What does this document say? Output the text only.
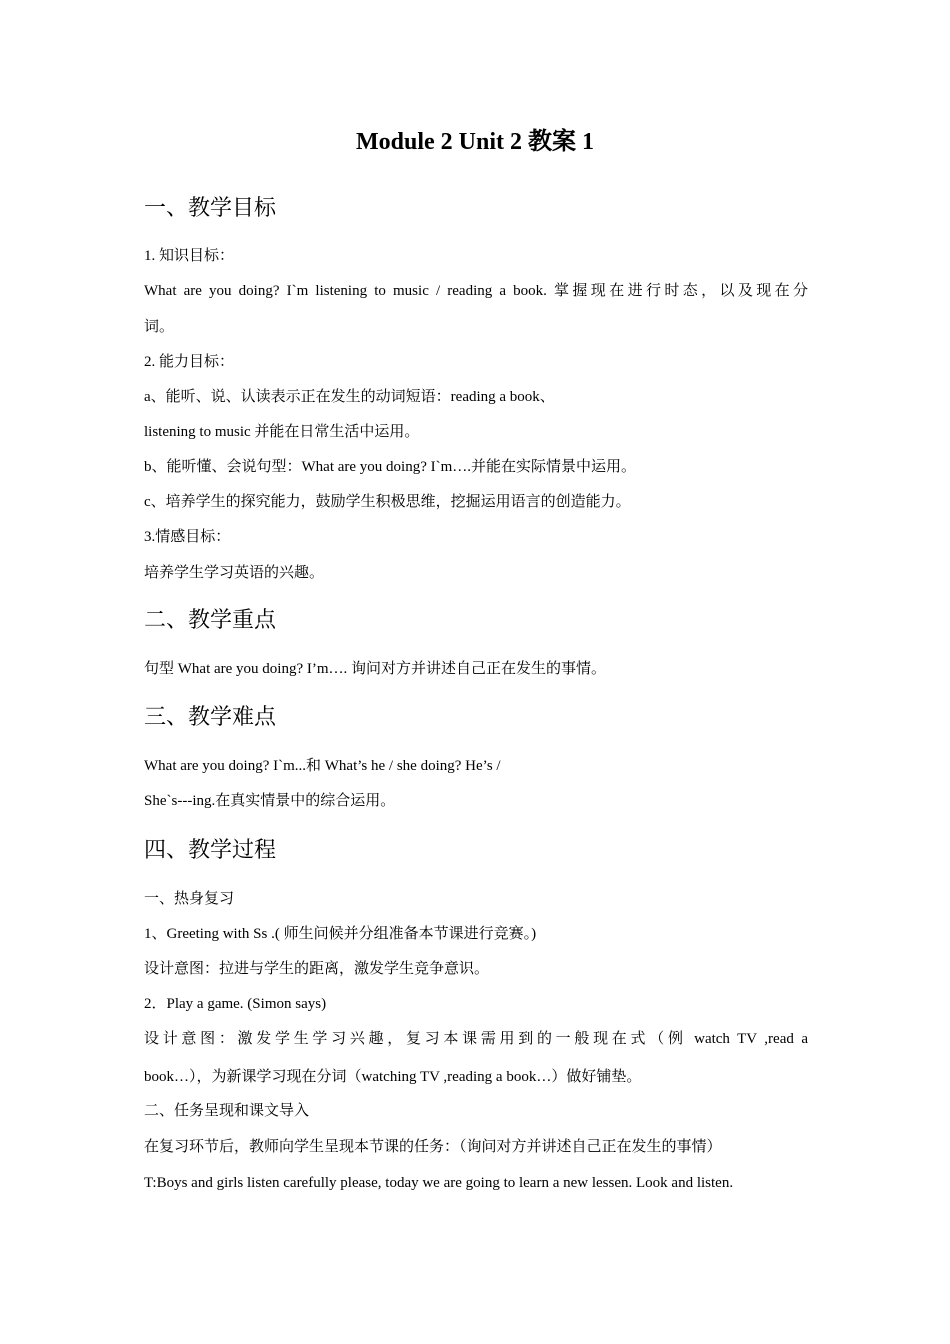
Module 2 Unit 2 教案 1
一、教学目标

1. 知识目标：

What are you doing? I`m listening to music / reading a book. 掌握现在进行时态，以及现在分

词。

2. 能力目标：

a、能听、说、认读表示正在发生的动词短语：reading a book、

listening to music 并能在日常生活中运用。

b、能听懂、会说句型：What are you doing? I`m….并能在实际情景中运用。

c、培养学生的探究能力，鼓励学生积极思维，挖掘运用语言的创造能力。

3.情感目标：

培养学生学习英语的兴趣。

二、教学重点

句型 What are you doing? I’m…. 询问对方并讲述自己正在发生的事情。

三、教学难点

What are you doing? I`m...和 What’s he / she doing? He’s /

She`s---ing.在真实情景中的综合运用。

四、教学过程

一、热身复习

1、Greeting with Ss .( 师生问候并分组准备本节课进行竞赛。)

设计意图：拉进与学生的距离，激发学生竞争意识。

2．Play a game. (Simon says)

设计意图：激发学生学习兴趣，复习本课需用到的一般现在式（例 watch TV ,read a

book…），为新课学习现在分词（watching TV ,reading a book…）做好铺垫。

二、任务呈现和课文导入

在复习环节后，教师向学生呈现本节课的任务：（询问对方并讲述自己正在发生的事情）

T:Boys and girls listen carefully please, today we are going to learn a new lessen. Look and listen.
